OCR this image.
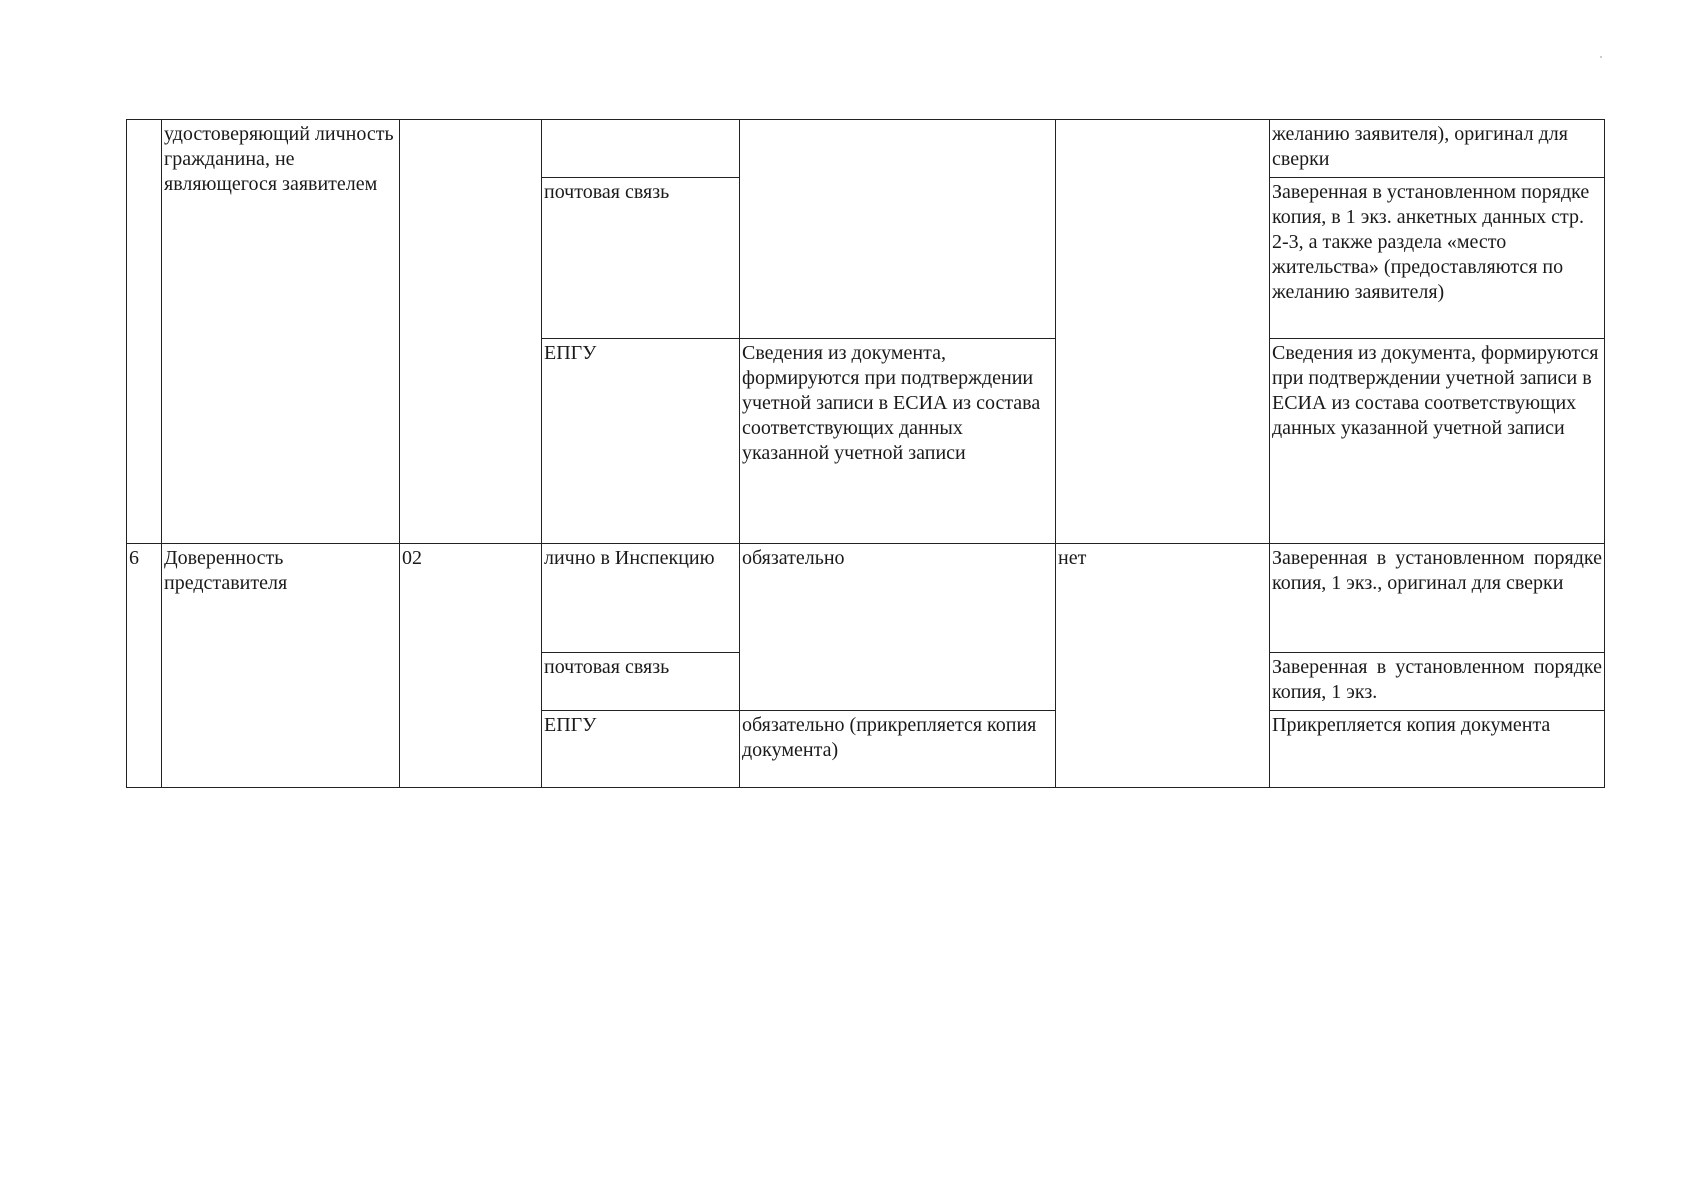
	удостоверяющий личность гражданина, не являющегося заявителем					желанию заявителя), оригинал для сверки
			почтовая связь			Заверенная в установленном порядке копия, в 1 экз. анкетных данных стр. 2-3, а также раздела «место жительства» (предоставляются по желанию заявителя)
			ЕПГУ	Сведения из документа, формируются при подтверждении учетной записи в ЕСИА из состава соответствующих данных указанной учетной записи		Сведения из документа, формируются при подтверждении учетной записи в ЕСИА из состава соответствующих данных указанной учетной записи
6	Доверенность представителя	02	лично в Инспекцию	обязательно	нет	Заверенная в установленном порядке копия, 1 экз., оригинал для сверки
			почтовая связь			Заверенная в установленном порядке копия, 1 экз.
			ЕПГУ	обязательно (прикрепляется копия документа)		Прикрепляется копия документа
